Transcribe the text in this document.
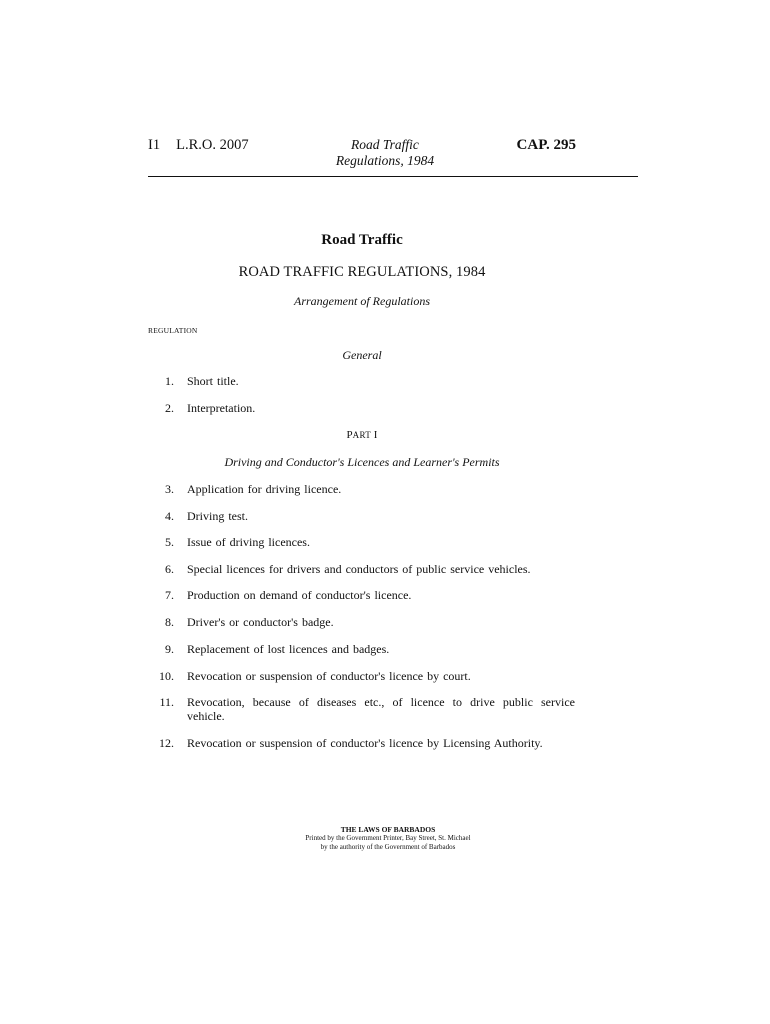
I1 L.R.O. 2007	Road Traffic
Regulations, 1984
CAP. 295
Road Traffic
ROAD TRAFFIC REGULATIONS, 1984
Arrangement of Regulations
REGULATION
General
1. Short title.
2. Interpretation.
PART I
Driving and Conductor's Licences and Learner's Permits
3. Application for driving licence.
4. Driving test.
5. Issue of driving licences.
6. Special licences for drivers and conductors of public service vehicles.
7. Production on demand of conductor's licence.
8. Driver's or conductor's badge.
9. Replacement of lost licences and badges.
10. Revocation or suspension of conductor's licence by court.
11. Revocation, because of diseases etc., of licence to drive public service vehicle.
12. Revocation or suspension of conductor's licence by Licensing Authority.
THE LAWS OF BARBADOS
Printed by the Government Printer, Bay Street, St. Michael
by the authority of the Government of Barbados
